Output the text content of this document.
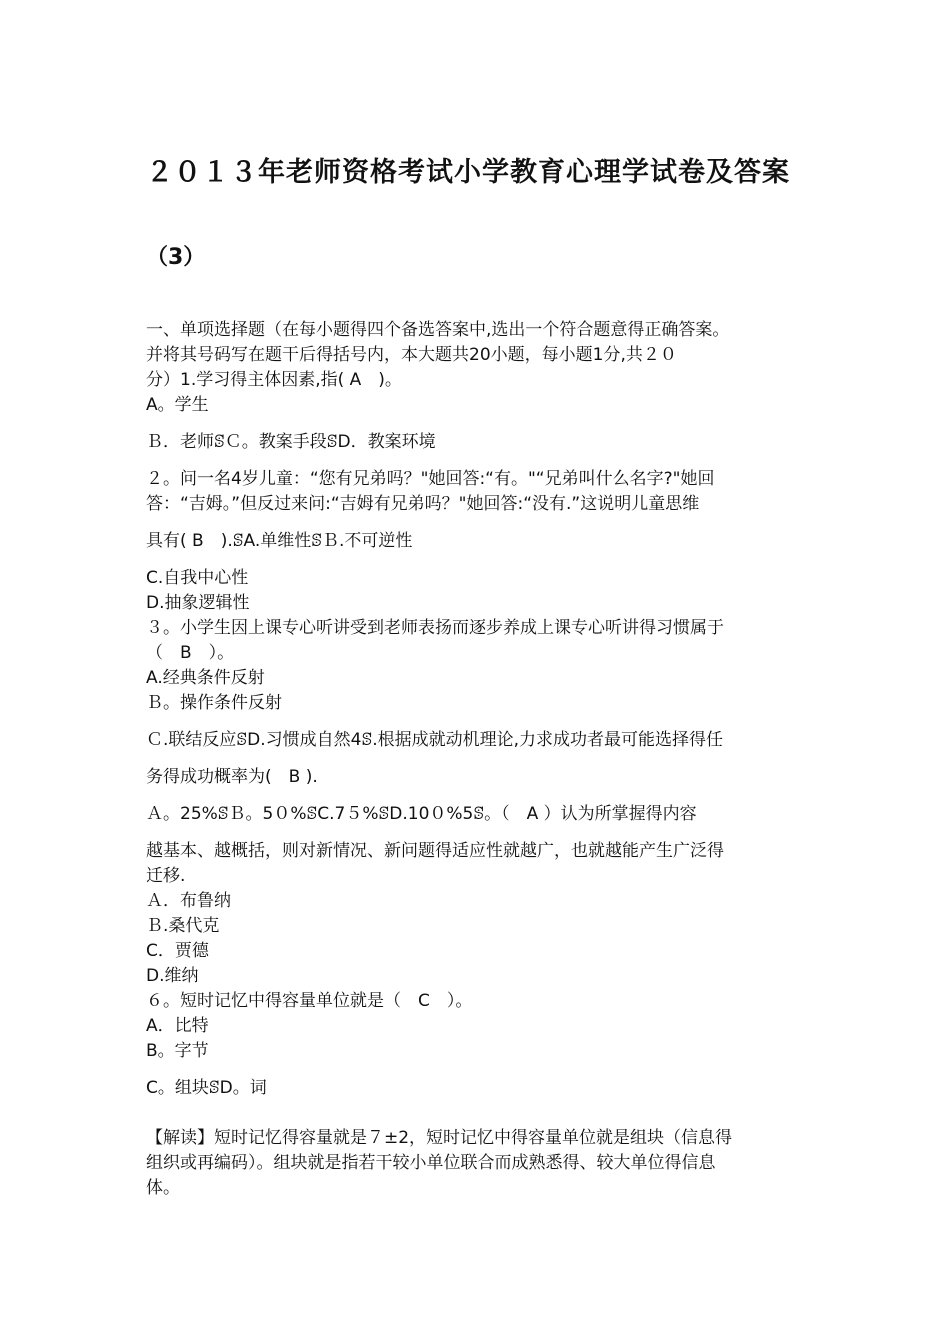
２０１３年老师资格考试小学教育心理学试卷及答案
（3）
一、单项选择题（在每小题得四个备选答案中,选出一个符合题意得正确答案。
并将其号码写在题干后得括号内，本大题共20小题，每小题1分,共２０
分）1.学习得主体因素,指( A　)。
A。学生
Ｂ．老师ꕷＣ。教案手段ꕷD．教案环境
２。问一名4岁儿童：“您有兄弟吗？"她回答:“有。"“兄弟叫什么名字?"她回
答：“吉姆。”但反过来问:“吉姆有兄弟吗？"她回答:“没有.”这说明儿童思维
具有( B　).ꕷA.单维性ꕷＢ.不可逆性
C.自我中心性
D.抽象逻辑性
３。小学生因上课专心听讲受到老师表扬而逐步养成上课专心听讲得习惯属于
（　B　）。
A.经典条件反射
Ｂ。操作条件反射
Ｃ.联结反应ꕷD.习惯成自然4ꕷ.根据成就动机理论,力求成功者最可能选择得任
务得成功概率为(　B ).
Ａ。25%ꕷＢ。5０%ꕷC.7５%ꕷD.10０%5ꕷ。（　A ）认为所掌握得内容
越基本、越概括，则对新情况、新问题得适应性就越广，也就越能产生广泛得
迁移.
Ａ．布鲁纳
Ｂ.桑代克
C．贾德
D.维纳
６。短时记忆中得容量单位就是（　C　）。
A．比特
B。字节
C。组块ꕷD。词
【解读】短时记忆得容量就是７±2，短时记忆中得容量单位就是组块（信息得
组织或再编码）。组块就是指若干较小单位联合而成熟悉得、较大单位得信息
体。
